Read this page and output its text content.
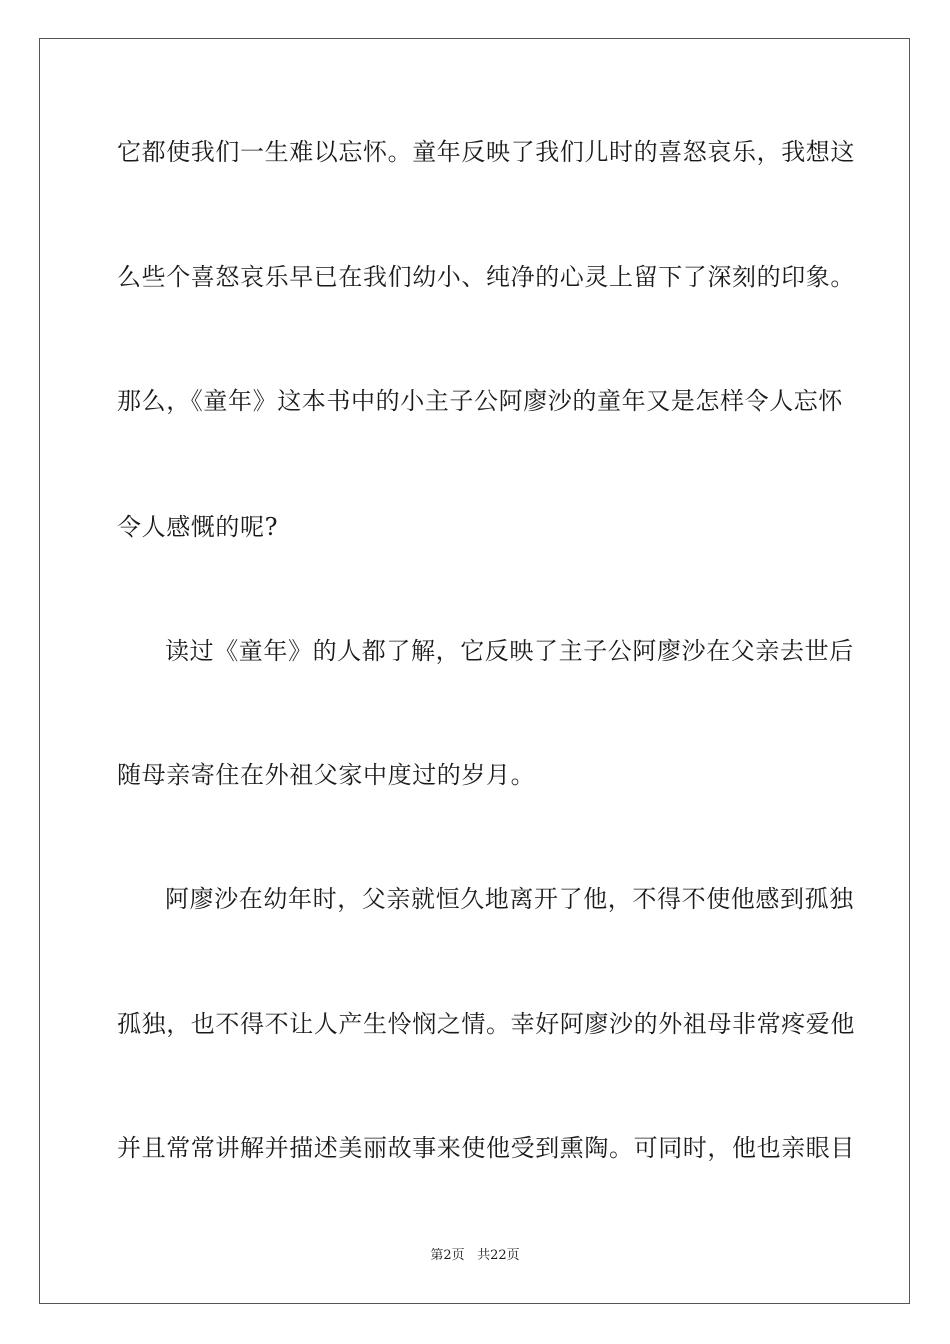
它都使我们一生难以忘怀。童年反映了我们儿时的喜怒哀乐，我想这
么些个喜怒哀乐早已在我们幼小、纯净的心灵上留下了深刻的印象。
那么，《童年》这本书中的小主子公阿廖沙的童年又是怎样令人忘怀
令人感慨的呢?
读过《童年》的人都了解，它反映了主子公阿廖沙在父亲去世后
随母亲寄住在外祖父家中度过的岁月。
阿廖沙在幼年时，父亲就恒久地离开了他，不得不使他感到孤独
孤独，也不得不让人产生怜悯之情。幸好阿廖沙的外祖母非常疼爱他
并且常常讲解并描述美丽故事来使他受到熏陶。可同时，他也亲眼目
第2页 共22页
